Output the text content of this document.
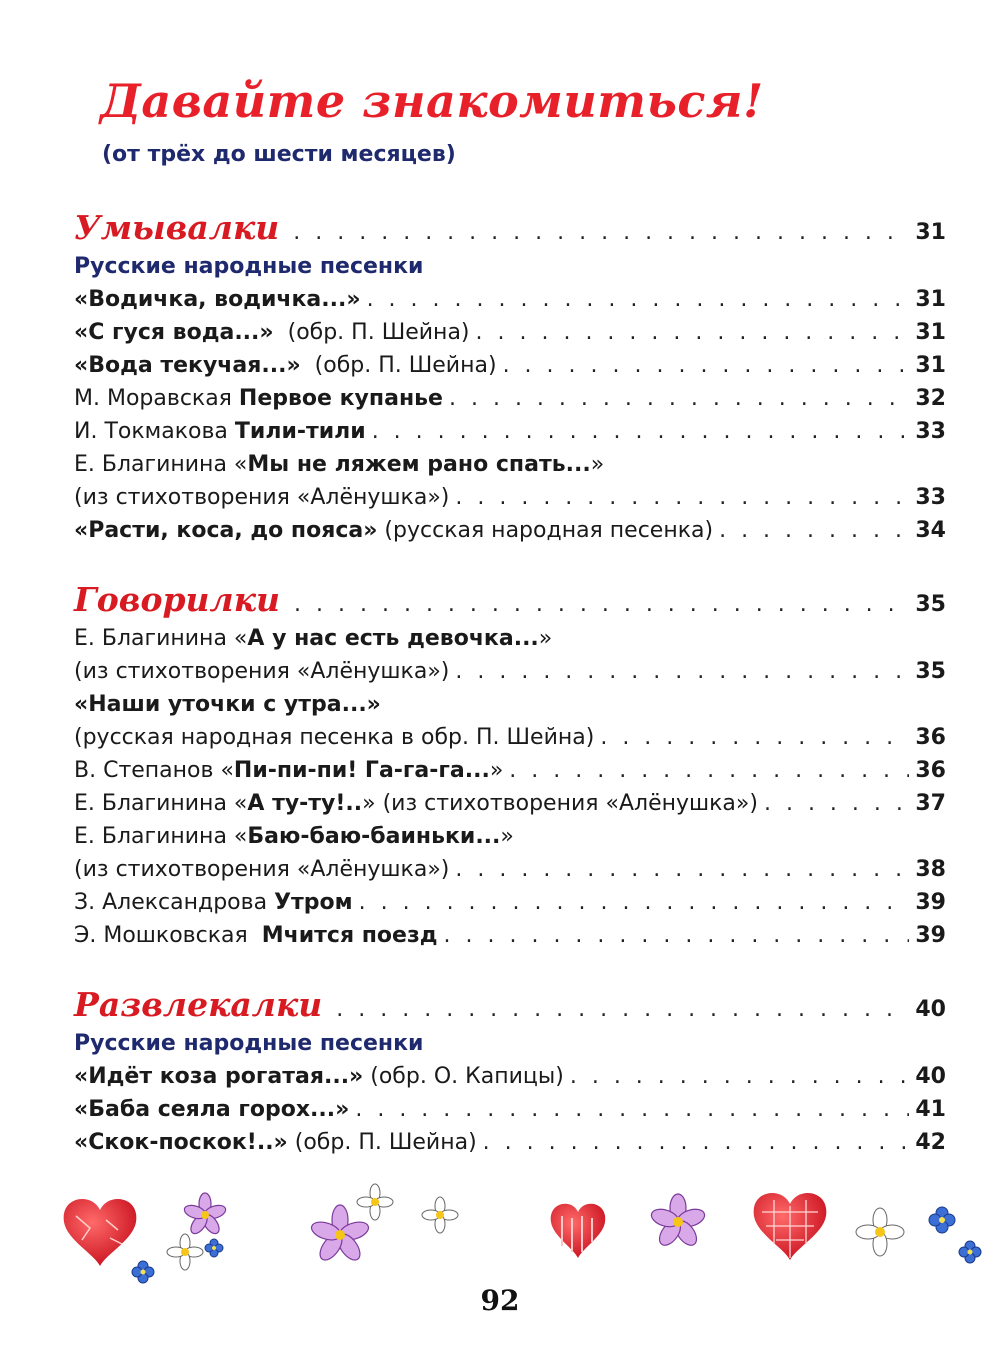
Давайте знакомиться!
(от трёх до шести месяцев)
Умывалки . . .	31
Русские народные песенки
«Водичка, водичка...» . . .	31
«С гуся вода...»  (обр. П. Шейна) . . .	31
«Вода текучая...»  (обр. П. Шейна) . . .	31
М. Моравская Первое купанье . . .	32
И. Токмакова Тили-тили . . .	33
Е. Благинина «Мы не ляжем рано спать...»
(из стихотворения «Алёнушка») . . .	33
«Расти, коса, до пояса» (русская народная песенка) . . .	34
Говорилки . . .	35
Е. Благинина «А у нас есть девочка...»
(из стихотворения «Алёнушка») . . .	35
«Наши уточки с утра...»
(русская народная песенка в обр. П. Шейна) . . .	36
В. Степанов «Пи-пи-пи! Га-га-га...» . . .	36
Е. Благинина «А ту-ту!..» (из стихотворения «Алёнушка») . . .	37
Е. Благинина «Баю-баю-баиньки...»
(из стихотворения «Алёнушка») . . .	38
З. Александрова Утром . . .	39
Э. Мошковская  Мчится поезд . . .	39
Развлекалки . . .	40
Русские народные песенки
«Идёт коза рогатая...» (обр. О. Капицы) . . .	40
«Баба сеяла горох...» . . .	41
«Скок-поскок!..» (обр. П. Шейна) . . .	42
92
